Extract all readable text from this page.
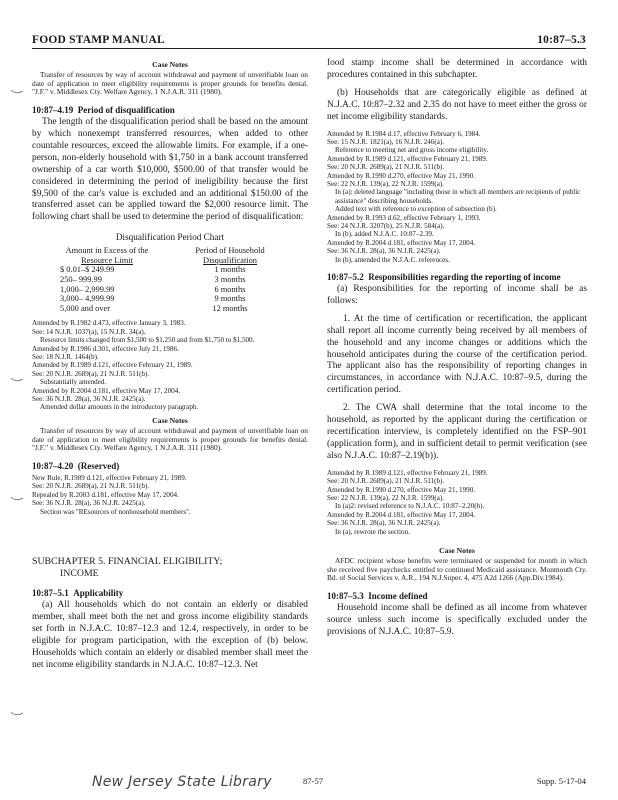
FOOD STAMP MANUAL	10:87–5.3
Case Notes

Transfer of resources by way of account withdrawal and payment of unverifiable loan on date of application to meet eligibility requirements is proper grounds for benefits denial. "J.F." v. Middlesex Cty. Welfare Agency, 1 N.J.A.R. 311 (1980).

10:87–4.19 Period of disqualification

The length of the disqualification period shall be based on the amount by which nonexempt transferred resources, when added to other countable resources, exceed the allowable limits. For example, if a one-person, non-elderly household with $1,750 in a bank account transferred ownership of a car worth $10,000, $500.00 of that transfer would be considered in determining the period of ineligibility because the first $9,500 of the car's value is excluded and an additional $150.00 of the transferred asset can be applied toward the $2,000 resource limit. The following chart shall be used to determine the period of disqualification:

Disqualification Period Chart
Amount in Excess of the
Resource Limit
Period of Household
Disqualification
$ 0.01–$ 249.99	1 months
250– 999.99	3 months
1,000– 2,999.99	6 months
3,000– 4,999.99	9 months
5,000 and over	12 months
Amended by R.1982 d.473, effective January 3, 1983.
See: 14 N.J.R. 1037(a), 15 N.J.R. 34(a).
Resource limits changed from $1,500 to $1,250 and from $1,750 to $1,500.
Amended by R.1986 d.301, effective July 21, 1986.
See: 18 N.J.R. 1464(b).
Amended by R.1989 d.121, effective February 21, 1989.
See: 20 N.J.R. 2689(a), 21 N.J.R. 511(b).
Substantially amended.
Amended by R.2004 d.181, effective May 17, 2004.
See: 36 N.J.R. 28(a), 36 N.J.R. 2425(a).
Amended dollar amounts in the introductory paragraph.
Case Notes

Transfer of resources by way of account withdrawal and payment of unverifiable loan on date of application to meet eligibility requirements is proper grounds for benefits denial. "J.F." v. Middlesex Cty. Welfare Agency, 1 N.J.A.R. 311 (1980).

10:87–4.20 (Reserved)
New Rule, R.1989 d.121, effective February 21, 1989.
See: 20 N.J.R. 2689(a), 21 N.J.R. 511(b).
Repealed by R.2003 d.181, effective May 17, 2004.
See: 36 N.J.R. 28(a), 36 N.J.R. 2425(a).
Section was "REsources of nonhousehold members".
SUBCHAPTER 5. FINANCIAL ELIGIBILITY;
INCOME
10:87–5.1 Applicability

(a) All households which do not contain an elderly or disabled member, shall meet both the net and gross income eligibility standards set forth in N.J.A.C. 10:87–12.3 and 12.4, respectively, in order to be eligible for program participation, with the exception of (b) below. Households which contain an elderly or disabled member shall meet the net income eligibility standards in N.J.A.C. 10:87–12.3. Net

food stamp income shall be determined in accordance with procedures contained in this subchapter.

(b) Households that are categorically eligible as defined at N.J.A.C. 10:87–2.32 and 2.35 do not have to meet either the gross or net income eligibility standards.

Amended by R.1984 d.17, effective February 6, 1984.
See: 15 N.J.R. 1821(a), 16 N.J.R. 246(a).
Reference to meeting net and gross income eligibility.
Amended by R.1989 d.121, effective February 21, 1989.
See: 20 N.J.R. 2689(a), 21 N.J.R. 511(b).
Amended by R.1990 d.270, effective May 21, 1990.
See: 22 N.J.R. 139(a), 22 N.J.R. 1599(a).
In (a): deleted language "including those in which all members are recipients of public assistance" describing households.
Added text with reference to exception of subsection (b).
Amended by R.1993 d.62, effective February 1, 1993.
See: 24 N.J.R. 3207(b), 25 N.J.R. 584(a).
In (b), added N.J.A.C. 10:87–2.39.
Amended by R.2004 d.181, effective May 17, 2004.
See: 36 N.J.R. 28(a), 36 N.J.R. 2425(a).
In (b), amended the N.J.A.C. references.
10:87–5.2 Responsibilities regarding the reporting of income

(a) Responsibilities for the reporting of income shall be as follows:

1. At the time of certification or recertification, the applicant shall report all income currently being received by all members of the household and any income changes or additions which the household anticipates during the course of the certification period. The applicant also has the responsibility of reporting changes in circumstances, in accordance with N.J.A.C. 10:87–9.5, during the certification period.

2. The CWA shall determine that the total income to the household, as reported by the applicant during the certification or recertification interview, is completely identified on the FSP–901 (application form), and in sufficient detail to permit verification (see also N.J.A.C. 10:87–2.19(b)).

Amended by R.1989 d.121, effective February 21, 1989.
See: 20 N.J.R. 2689(a), 21 N.J.R. 511(b).
Amended by R.1990 d.270, effective May 21, 1990.
See: 22 N.J.R. 139(a), 22 N.J.R. 1599(a).
In (a)2: revised reference to N.J.A.C. 10:87–2.20(b).
Amended by R.2004 d.181, effective May 17, 2004.
See: 36 N.J.R. 28(a), 36 N.J.R. 2425(a).
In (a), rewrote the section.
Case Notes

AFDC recipient whose benefits were terminated or suspended for month in which she received five paychecks entitled to continued Medicaid assistance. Monmouth Cty. Bd. of Social Services v. A.R., 194 N.J.Super. 4, 475 A2d 1266 (App.Div.1984).

10:87–5.3 Income defined

Household income shall be defined as all income from whatever source unless such income is specifically excluded under the provisions of N.J.A.C. 10:87–5.9.

New Jersey State Library	87-57	Supp. 5-17-04
